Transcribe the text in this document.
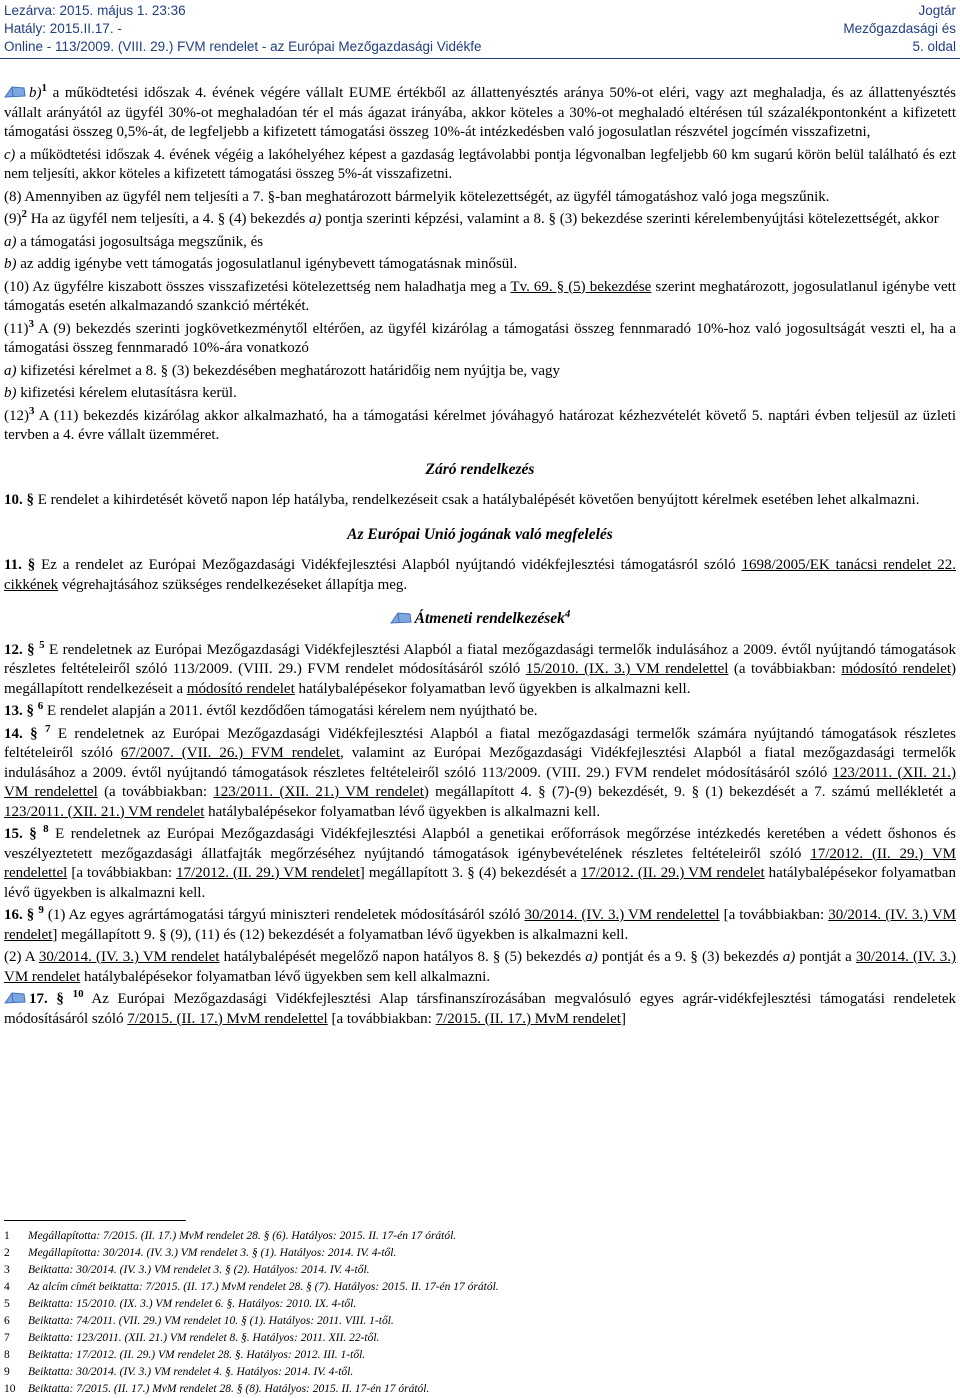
Lezárva: 2015. május 1. 23:36
Hatály: 2015.II.17. -
Online - 113/2009. (VIII. 29.) FVM rendelet - az Európai Mezőgazdasági Vidékfe
Jogtár
Mezőgazdasági és
5. oldal

b)$^1$ a működtetési időszak 4. évének végére vállalt EUME értékből az állattenyésztés aránya 50%-ot eléri, vagy azt meghaladja, és az állattenyésztés vállalt arányától az ügyfél 30%-ot meghaladóan tér el más ágazat irányába, akkor köteles a 30%-ot meghaladó eltérésen túl százalékpontonként a kifizetett támogatási összeg 0,5%-át, de legfeljebb a kifizetett támogatási összeg 10%-át intézkedésben való jogosulatlan részvétel jogcímén visszafizetni,

c) a működtetési időszak 4. évének végéig a lakóhelyéhez képest a gazdaság legtávolabbi pontja légvonalban legfeljebb 60 km sugarú körön belül található és ezt nem teljesíti, akkor köteles a kifizetett támogatási összeg 5%-át visszafizetni.

(8) Amennyiben az ügyfél nem teljesíti a 7. §-ban meghatározott bármelyik kötelezettségét, az ügyfél támogatáshoz való joga megszűnik.

$(9)^2$ Ha az ügyfél nem teljesíti, a 4. § (4) bekezdés a) pontja szerinti képzési, valamint a 8. § (3) bekezdése szerinti kérelembenyújtási kötelezettségét, akkor

a) a támogatási jogosultsága megszűnik, és

b) az addig igénybe vett támogatás jogosulatlanul igénybevett támogatásnak minősül.

(10) Az ügyfélre kiszabott összes visszafizetési kötelezettség nem haladhatja meg a Tv. 69. § (5) bekezdése szerint meghatározott, jogosulatlanul igénybe vett támogatás esetén alkalmazandó szankció mértékét.

$(11)^3$ A (9) bekezdés szerinti jogkövetkezménytől eltérően, az ügyfél kizárólag a támogatási összeg fennmaradó 10%-hoz való jogosultságát veszti el, ha a támogatási összeg fennmaradó 10%-ára vonatkozó

a) kifizetési kérelmet a 8. § (3) bekezdésében meghatározott határidőig nem nyújtja be, vagy

b) kifizetési kérelem elutasításra kerül.

$(12)^3$ A (11) bekezdés kizárólag akkor alkalmazható, ha a támogatási kérelmet jóváhagyó határozat kézhezvételét követő 5. naptári évben teljesül az üzleti tervben a 4. évre vállalt üzemméret.

Záró rendelkezés

10. § E rendelet a kihirdetését követő napon lép hatályba, rendelkezéseit csak a hatálybalépését követően benyújtott kérelmek esetében lehet alkalmazni.

Az Európai Unió jogának való megfelelés

11. § Ez a rendelet az Európai Mezőgazdasági Vidékfejlesztési Alapból nyújtandó vidékfejlesztési támogatásról szóló 1698/2005/EK tanácsi rendelet 22. cikkének végrehajtásához szükséges rendelkezéseket állapítja meg.

Átmeneti rendelkezések$^4$

12. § $^5$ E rendeletnek az Európai Mezőgazdasági Vidékfejlesztési Alapból a fiatal mezőgazdasági termelők indulásához a 2009. évtől nyújtandó támogatások részletes feltételeiről szóló 113/2009. (VIII. 29.) FVM rendelet módosításáról szóló 15/2010. (IX. 3.) VM rendelettel (a továbbiakban: módosító rendelet) megállapított rendelkezéseit a módosító rendelet hatálybalépésekor folyamatban levő ügyekben is alkalmazni kell.

13. § $^6$ E rendelet alapján a 2011. évtől kezdődően támogatási kérelem nem nyújtható be.

14. § $^7$ E rendeletnek az Európai Mezőgazdasági Vidékfejlesztési Alapból a fiatal mezőgazdasági termelők számára nyújtandó támogatások részletes feltételeiről szóló 67/2007. (VII. 26.) FVM rendelet, valamint az Európai Mezőgazdasági Vidékfejlesztési Alapból a fiatal mezőgazdasági termelők indulásához a 2009. évtől nyújtandó támogatások részletes feltételeiről szóló 113/2009. (VIII. 29.) FVM rendelet módosításáról szóló 123/2011. (XII. 21.) VM rendelettel (a továbbiakban: 123/2011. (XII. 21.) VM rendelet) megállapított 4. § (7)-(9) bekezdését, 9. § (1) bekezdését a 7. számú mellékletét a 123/2011. (XII. 21.) VM rendelet hatálybalépésekor folyamatban lévő ügyekben is alkalmazni kell.

15. § $^8$ E rendeletnek az Európai Mezőgazdasági Vidékfejlesztési Alapból a genetikai erőforrások megőrzése intézkedés keretében a védett őshonos és veszélyeztetett mezőgazdasági állatfajták megőrzéséhez nyújtandó támogatások igénybevételének részletes feltételeiről szóló 17/2012. (II. 29.) VM rendelettel [a továbbiakban: 17/2012. (II. 29.) VM rendelet] megállapított 3. § (4) bekezdését a 17/2012. (II. 29.) VM rendelet hatálybalépésekor folyamatban lévő ügyekben is alkalmazni kell.

16. § $^9$ (1) Az egyes agrártámogatási tárgyú miniszteri rendeletek módosításáról szóló 30/2014. (IV. 3.) VM rendelettel [a továbbiakban: 30/2014. (IV. 3.) VM rendelet] megállapított 9. § (9), (11) és (12) bekezdését a folyamatban lévő ügyekben is alkalmazni kell.

(2) A 30/2014. (IV. 3.) VM rendelet hatálybalépését megelőző napon hatályos 8. § (5) bekezdés a) pontját és a 9. § (3) bekezdés a) pontját a 30/2014. (IV. 3.) VM rendelet hatálybalépésekor folyamatban lévő ügyekben sem kell alkalmazni.

17. § $^{10}$ Az Európai Mezőgazdasági Vidékfejlesztési Alap társfinanszírozásában megvalósuló egyes agrár-vidékfejlesztési támogatási rendeletek módosításáról szóló 7/2015. (II. 17.) MvM rendelettel [a továbbiakban: 7/2015. (II. 17.) MvM rendelet]

1 Megállapította: 7/2015. (II. 17.) MvM rendelet 28. § (6). Hatályos: 2015. II. 17-én 17 órától.
2 Megállapította: 30/2014. (IV. 3.) VM rendelet 3. § (1). Hatályos: 2014. IV. 4-től.
3 Beiktatta: 30/2014. (IV. 3.) VM rendelet 3. § (2). Hatályos: 2014. IV. 4-től.
4 Az alcím címét beiktatta: 7/2015. (II. 17.) MvM rendelet 28. § (7). Hatályos: 2015. II. 17-én 17 órától.
5 Beiktatta: 15/2010. (IX. 3.) VM rendelet 6. §. Hatályos: 2010. IX. 4-től.
6 Beiktatta: 74/2011. (VII. 29.) VM rendelet 10. § (1). Hatályos: 2011. VIII. 1-től.
7 Beiktatta: 123/2011. (XII. 21.) VM rendelet 8. §. Hatályos: 2011. XII. 22-től.
8 Beiktatta: 17/2012. (II. 29.) VM rendelet 28. §. Hatályos: 2012. III. 1-től.
9 Beiktatta: 30/2014. (IV. 3.) VM rendelet 4. §. Hatályos: 2014. IV. 4-től.
10 Beiktatta: 7/2015. (II. 17.) MvM rendelet 28. § (8). Hatályos: 2015. II. 17-én 17 órától.
